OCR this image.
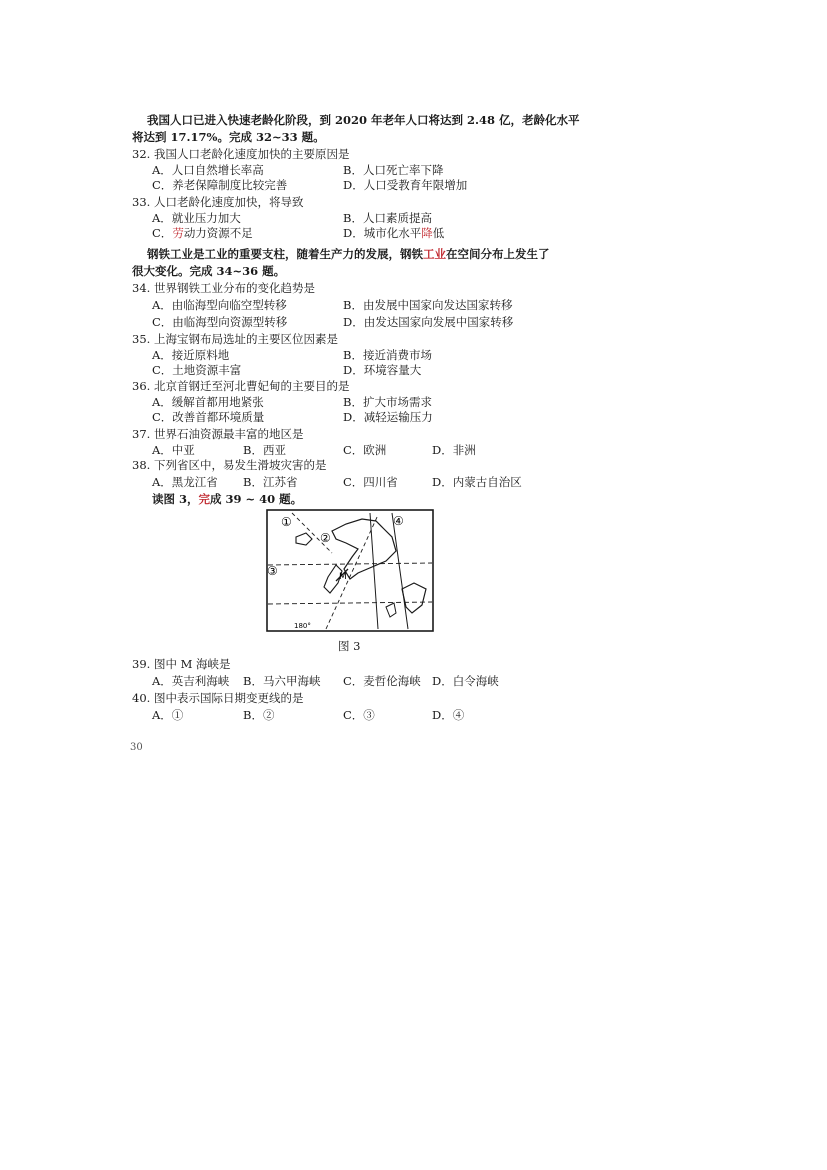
我国人口已进入快速老龄化阶段，到 2020 年老年人口将达到 2.48 亿，老龄化水平
将达到 17.17%。完成 32~33 题。
32. 我国人口老龄化速度加快的主要原因是
A．人口自然增长率高	B．人口死亡率下降
C．养老保障制度比较完善	D．人口受教育年限增加
33. 人口老龄化速度加快，将导致
A．就业压力加大	B．人口素质提高
C．劳动力资源不足	D．城市化水平降低
钢铁工业是工业的重要支柱，随着生产力的发展，钢铁工业在空间分布上发生了
很大变化。完成 34~36 题。
34. 世界钢铁工业分布的变化趋势是
A．由临海型向临空型转移	B．由发展中国家向发达国家转移
C．由临海型向资源型转移	D．由发达国家向发展中国家转移
35. 上海宝钢布局选址的主要区位因素是
A．接近原料地	B．接近消费市场
C．土地资源丰富	D．环境容量大
36. 北京首钢迁至河北曹妃甸的主要目的是
A．缓解首都用地紧张	B．扩大市场需求
C．改善首都环境质量	D．减轻运输压力
37. 世界石油资源最丰富的地区是
A．中亚	B．西亚	C．欧洲	D．非洲
38. 下列省区中，易发生滑坡灾害的是
A．黑龙江省 B．江苏省	C．四川省	D．内蒙古自治区
读图 3，完成 39 ~ 40 题。
①
②
③
④
M
180°
图 3
39. 图中 M 海峡是
A．英吉利海峡 B．马六甲海峡 C．麦哲伦海峡 D．白令海峡
40. 图中表示国际日期变更线的是
A．①	B．②	C．③	D．④
30
